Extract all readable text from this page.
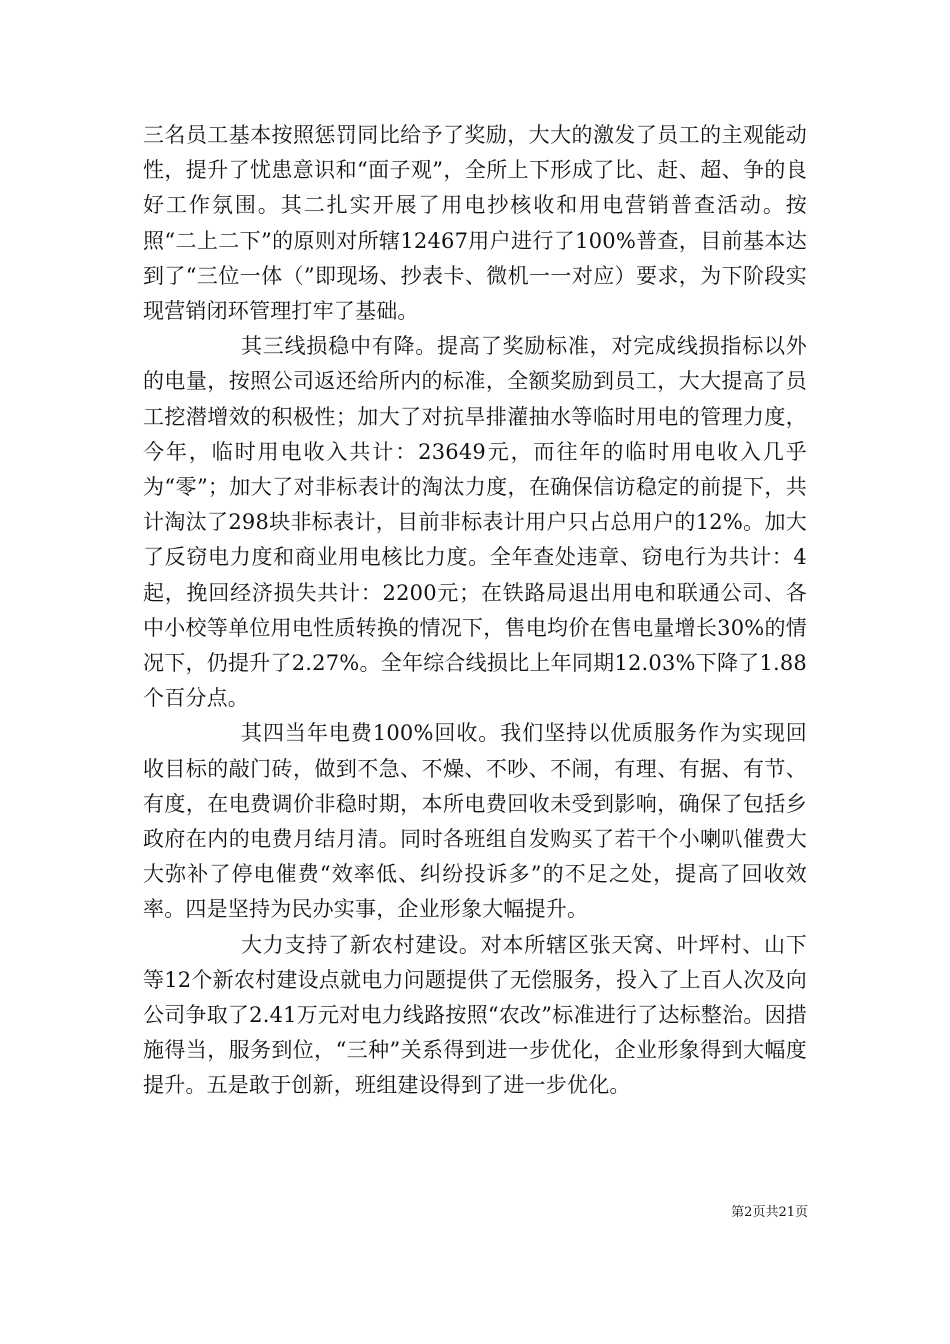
三名员工基本按照惩罚同比给予了奖励，大大的激发了员工的主观能动性，提升了忧患意识和“面子观”，全所上下形成了比、赶、超、争的良好工作氛围。其二扎实开展了用电抄核收和用电营销普查活动。按照“二上二下”的原则对所辖12467用户进行了100%普查，目前基本达到了“三位一体（”即现场、抄表卡、微机一一对应）要求，为下阶段实现营销闭环管理打牢了基础。

其三线损稳中有降。提高了奖励标准，对完成线损指标以外的电量，按照公司返还给所内的标准，全额奖励到员工，大大提高了员工挖潜增效的积极性；加大了对抗旱排灌抽水等临时用电的管理力度，今年，临时用电收入共计：23649元，而往年的临时用电收入几乎为“零”；加大了对非标表计的淘汰力度，在确保信访稳定的前提下，共计淘汰了298块非标表计，目前非标表计用户只占总用户的12%。加大了反窃电力度和商业用电核比力度。全年查处违章、窃电行为共计：4起，挽回经济损失共计：2200元；在铁路局退出用电和联通公司、各中小校等单位用电性质转换的情况下，售电均价在售电量增长30%的情况下，仍提升了2.27%。全年综合线损比上年同期12.03%下降了1.88个百分点。

其四当年电费100%回收。我们坚持以优质服务作为实现回收目标的敲门砖，做到不急、不燥、不吵、不闹，有理、有据、有节、有度，在电费调价非稳时期，本所电费回收未受到影响，确保了包括乡政府在内的电费月结月清。同时各班组自发购买了若干个小喇叭催费大大弥补了停电催费“效率低、纠纷投诉多”的不足之处，提高了回收效率。四是坚持为民办实事，企业形象大幅提升。

大力支持了新农村建设。对本所辖区张天窝、叶坪村、山下等12个新农村建设点就电力问题提供了无偿服务，投入了上百人次及向公司争取了2.41万元对电力线路按照“农改”标准进行了达标整治。因措施得当，服务到位，“三种”关系得到进一步优化，企业形象得到大幅度提升。五是敢于创新，班组建设得到了进一步优化。

第2页共21页
